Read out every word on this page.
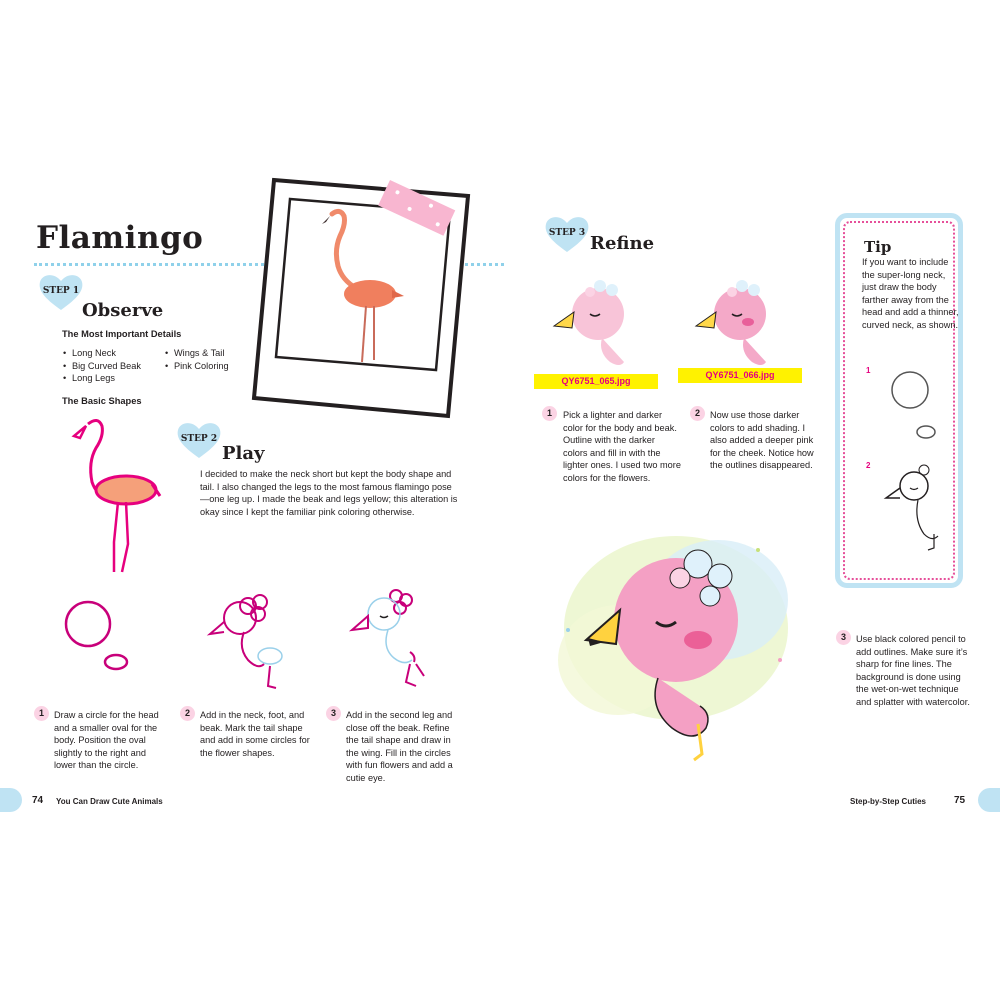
Flamingo
STEP 1
Observe
The Most Important Details
• Long Neck
• Big Curved Beak
• Long Legs
• Wings & Tail
• Pink Coloring
The Basic Shapes
STEP 2
Play
I decided to make the neck short but kept the body shape and tail. I also changed the legs to the most famous flamingo pose—one leg up. I made the beak and legs yellow; this alteration is okay since I kept the familiar pink coloring otherwise.
1	Draw a circle for the head and a smaller oval for the body. Position the oval slightly to the right and lower than the circle.
2	Add in the neck, foot, and beak. Mark the tail shape and add in some circles for the flower shapes.
3	Add in the second leg and close off the beak. Refine the tail shape and draw in the wing. Fill in the circles with fun flowers and add a cutie eye.
74 You Can Draw Cute Animals
STEP 3 Refine
QY6751_065.jpg
QY6751_066.jpg
1	Pick a lighter and darker color for the body and beak. Outline with the darker colors and fill in with the lighter ones. I used two more colors for the flowers.
2	Now use those darker colors to add shading. I also added a deeper pink for the cheek. Notice how the outlines disappeared.
3	Use black colored pencil to add outlines. Make sure it’s sharp for fine lines. The background is done using the wet-on-wet technique and splatter with watercolor.
Tip
If you want to include the super-long neck, just draw the body farther away from the head and add a thinner, curved neck, as shown.
1
2
Step-by-Step Cuties	75
